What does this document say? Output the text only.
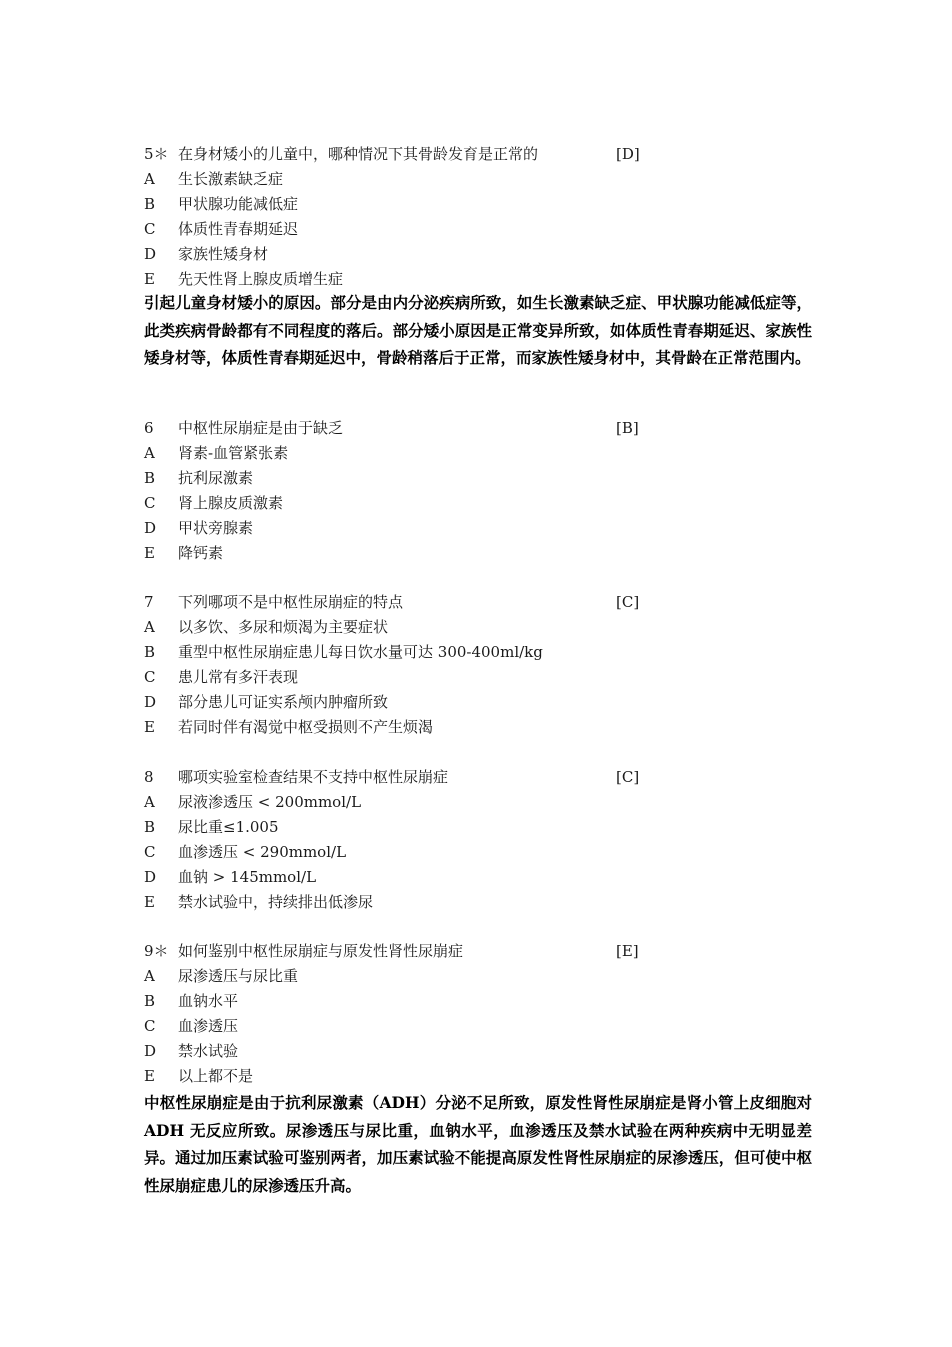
5＊ 在身材矮小的儿童中，哪种情况下其骨龄发育是正常的	[D]
A 生长激素缺乏症
B 甲状腺功能减低症
C 体质性青春期延迟
D 家族性矮身材
E 先天性肾上腺皮质增生症
引起儿童身材矮小的原因。部分是由内分泌疾病所致，如生长激素缺乏症、甲状腺功能减低症等，此类疾病骨龄都有不同程度的落后。部分矮小原因是正常变异所致，如体质性青春期延迟、家族性矮身材等，体质性青春期延迟中，骨龄稍落后于正常，而家族性矮身材中，其骨龄在正常范围内。
6 中枢性尿崩症是由于缺乏	[B]
A 肾素-血管紧张素
B 抗利尿激素
C 肾上腺皮质激素
D 甲状旁腺素
E 降钙素
7 下列哪项不是中枢性尿崩症的特点	[C]
A 以多饮、多尿和烦渴为主要症状
B 重型中枢性尿崩症患儿每日饮水量可达 300-400ml/kg
C 患儿常有多汗表现
D 部分患儿可证实系颅内肿瘤所致
E 若同时伴有渴觉中枢受损则不产生烦渴
8 哪项实验室检查结果不支持中枢性尿崩症	[C]
A 尿液渗透压 < 200mmol/L
B 尿比重≤1.005
C 血渗透压 < 290mmol/L
D 血钠 > 145mmol/L
E 禁水试验中，持续排出低渗尿
9＊ 如何鉴别中枢性尿崩症与原发性肾性尿崩症	[E]
A 尿渗透压与尿比重
B 血钠水平
C 血渗透压
D 禁水试验
E 以上都不是
中枢性尿崩症是由于抗利尿激素（ADH）分泌不足所致，原发性肾性尿崩症是肾小管上皮细胞对 ADH 无反应所致。尿渗透压与尿比重，血钠水平，血渗透压及禁水试验在两种疾病中无明显差异。通过加压素试验可鉴别两者，加压素试验不能提高原发性肾性尿崩症的尿渗透压，但可使中枢性尿崩症患儿的尿渗透压升高。
